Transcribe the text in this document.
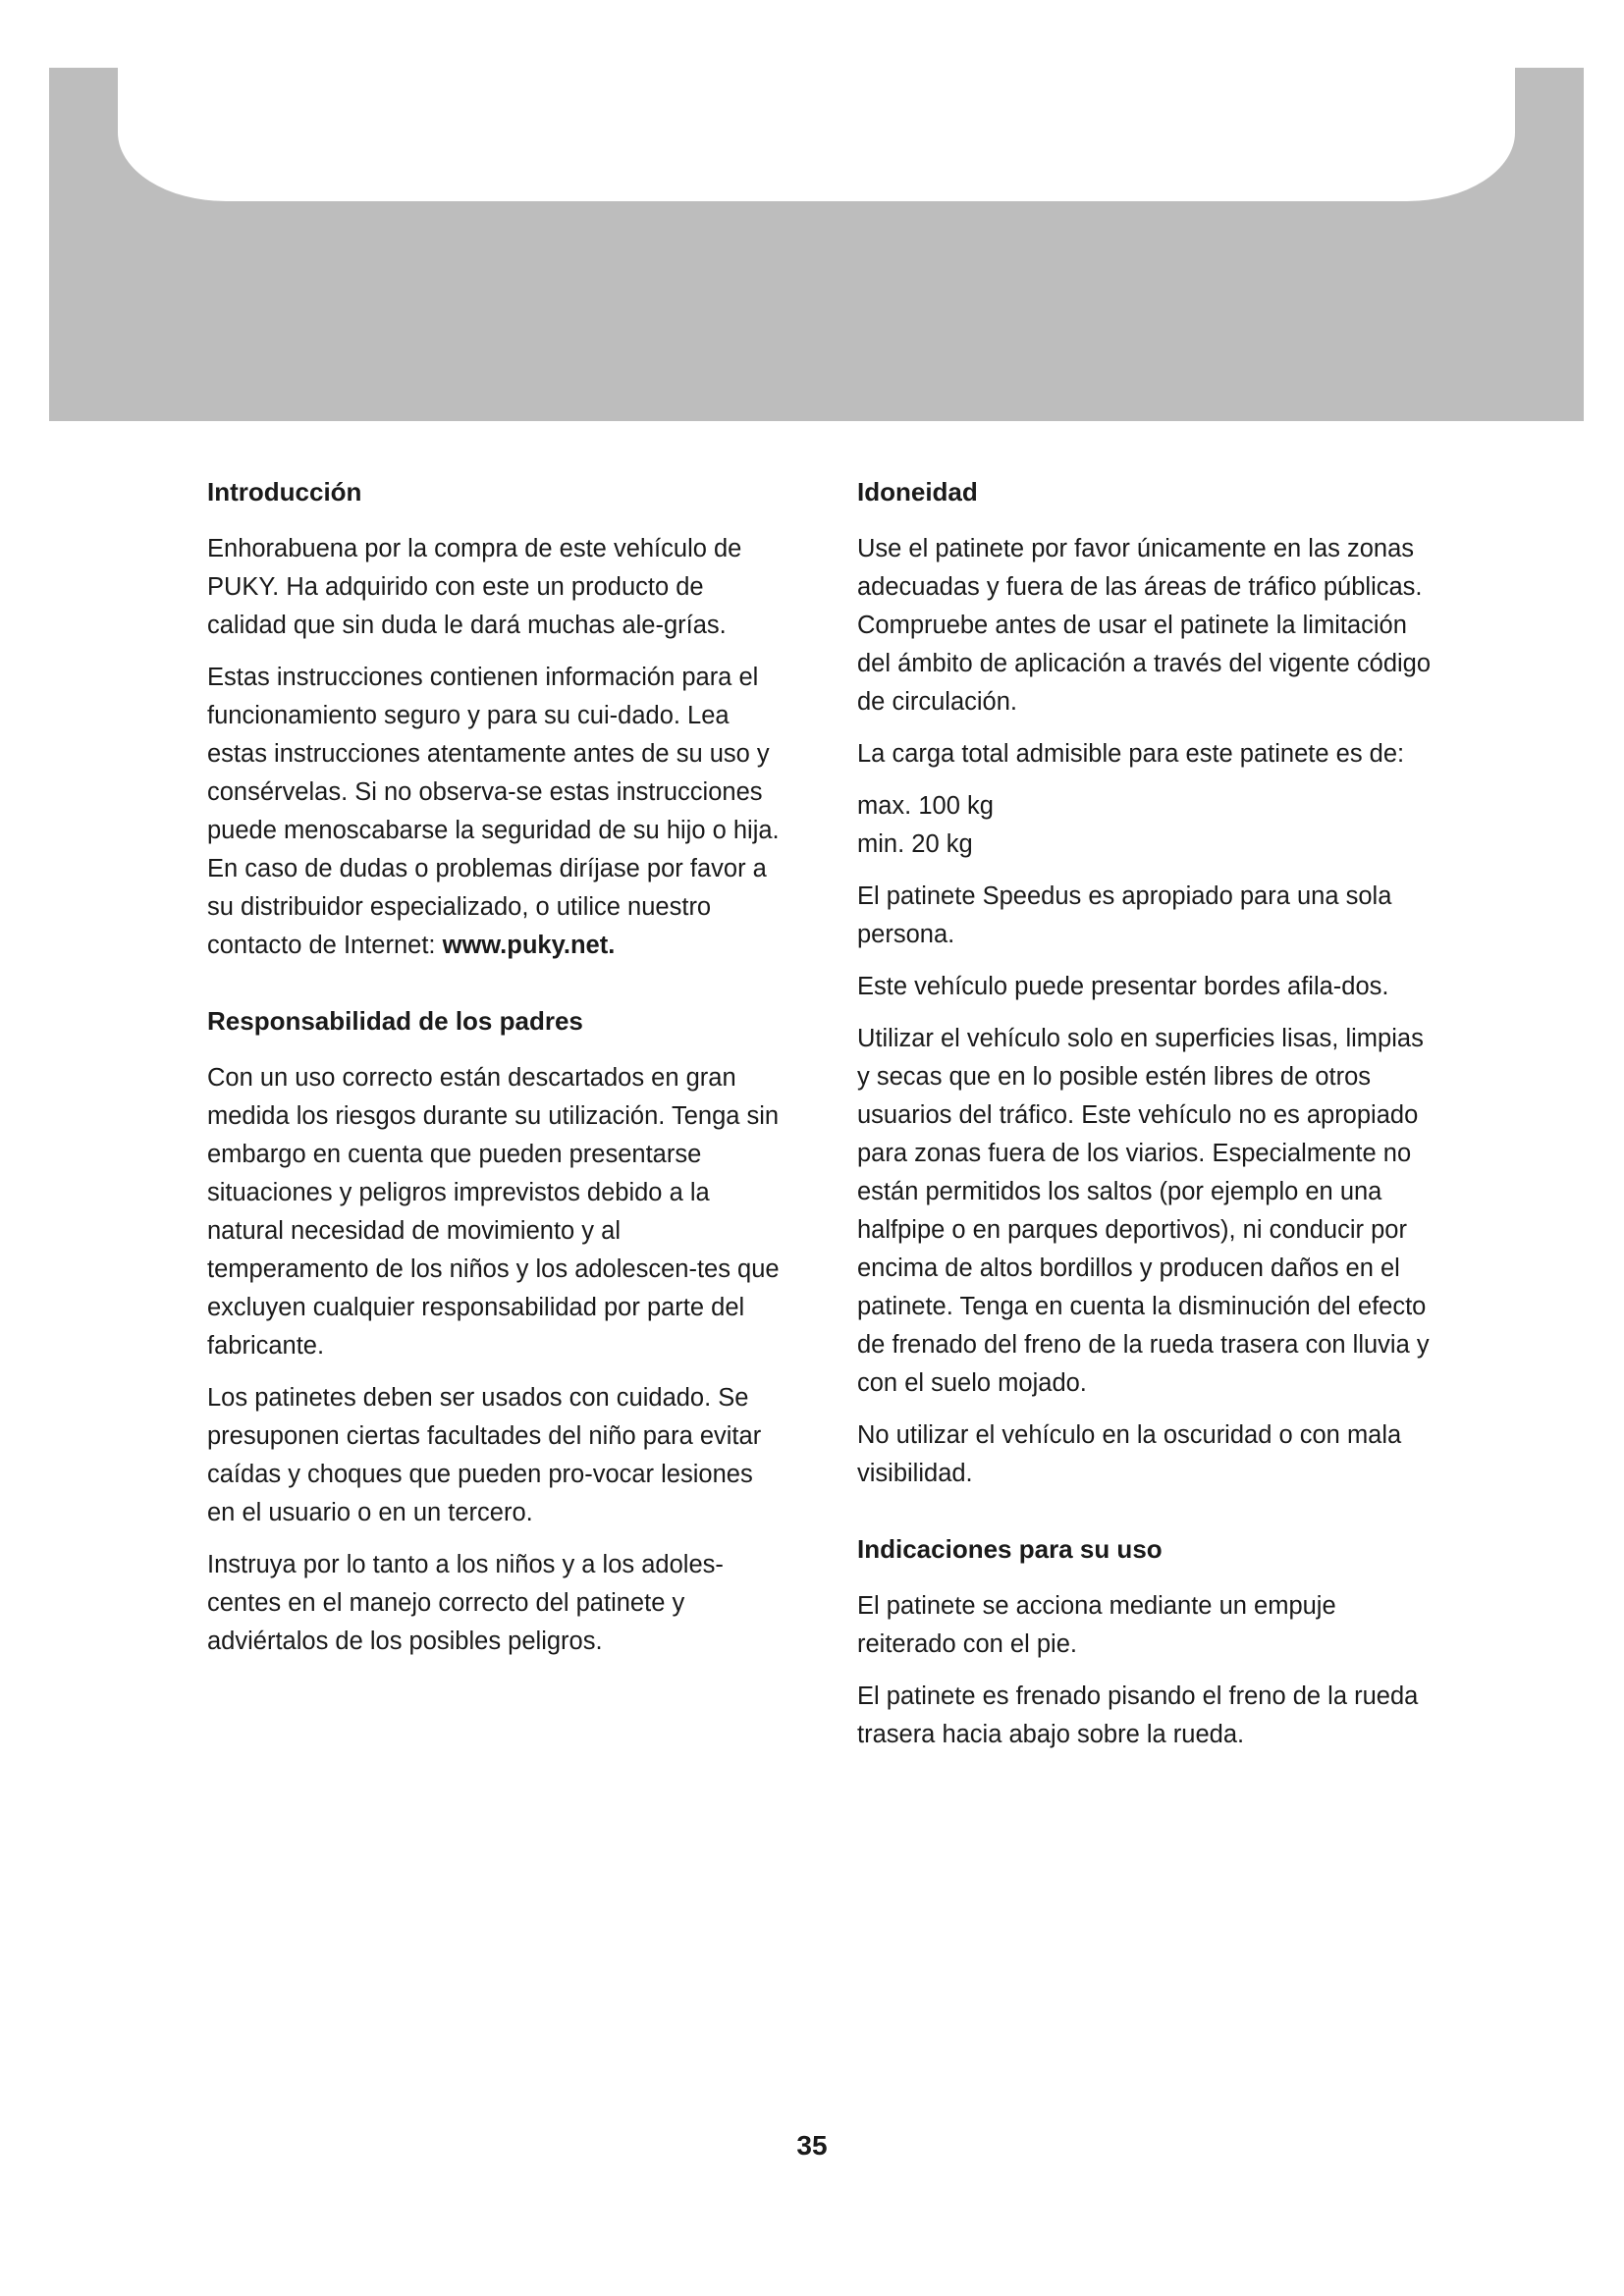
Introducción

Enhorabuena por la compra de este vehículo de PUKY. Ha adquirido con este un producto de calidad que sin duda le dará muchas ale-grías.

Estas instrucciones contienen información para el funcionamiento seguro y para su cui-dado. Lea estas instrucciones atentamente antes de su uso y consérvelas. Si no observa-se estas instrucciones puede menoscabarse la seguridad de su hijo o hija. En caso de dudas o problemas diríjase por favor a su distribuidor especializado, o utilice nuestro contacto de Internet: www.puky.net.

Responsabilidad de los padres

Con un uso correcto están descartados en gran medida los riesgos durante su utilización. Tenga sin embargo en cuenta que pueden presentarse situaciones y peligros imprevistos debido a la natural necesidad de movimiento y al temperamento de los niños y los adolescen-tes que excluyen cualquier responsabilidad por parte del fabricante.

Los patinetes deben ser usados con cuidado. Se presuponen ciertas facultades del niño para evitar caídas y choques que pueden pro-vocar lesiones en el usuario o en un tercero.

Instruya por lo tanto a los niños y a los adoles-centes en el manejo correcto del patinete y adviértalos de los posibles peligros.

Idoneidad

Use el patinete por favor únicamente en las zonas adecuadas y fuera de las áreas de tráfico públicas. Compruebe antes de usar el patinete la limitación del ámbito de aplicación a través del vigente código de circulación.

La carga total admisible para este patinete es de:

max. 100 kg

min. 20 kg

El patinete Speedus es apropiado para una sola persona.

Este vehículo puede presentar bordes afila-dos.

Utilizar el vehículo solo en superficies lisas, limpias y secas que en lo posible estén libres de otros usuarios del tráfico. Este vehículo no es apropiado para zonas fuera de los viarios. Especialmente no están permitidos los saltos (por ejemplo en una halfpipe o en parques deportivos), ni conducir por encima de altos bordillos y producen daños en el patinete. Tenga en cuenta la disminución del efecto de frenado del freno de la rueda trasera con lluvia y con el suelo mojado.

No utilizar el vehículo en la oscuridad o con mala visibilidad.

Indicaciones para su uso

El patinete se acciona mediante un empuje reiterado con el pie.

El patinete es frenado pisando el freno de la rueda trasera hacia abajo sobre la rueda.

35
